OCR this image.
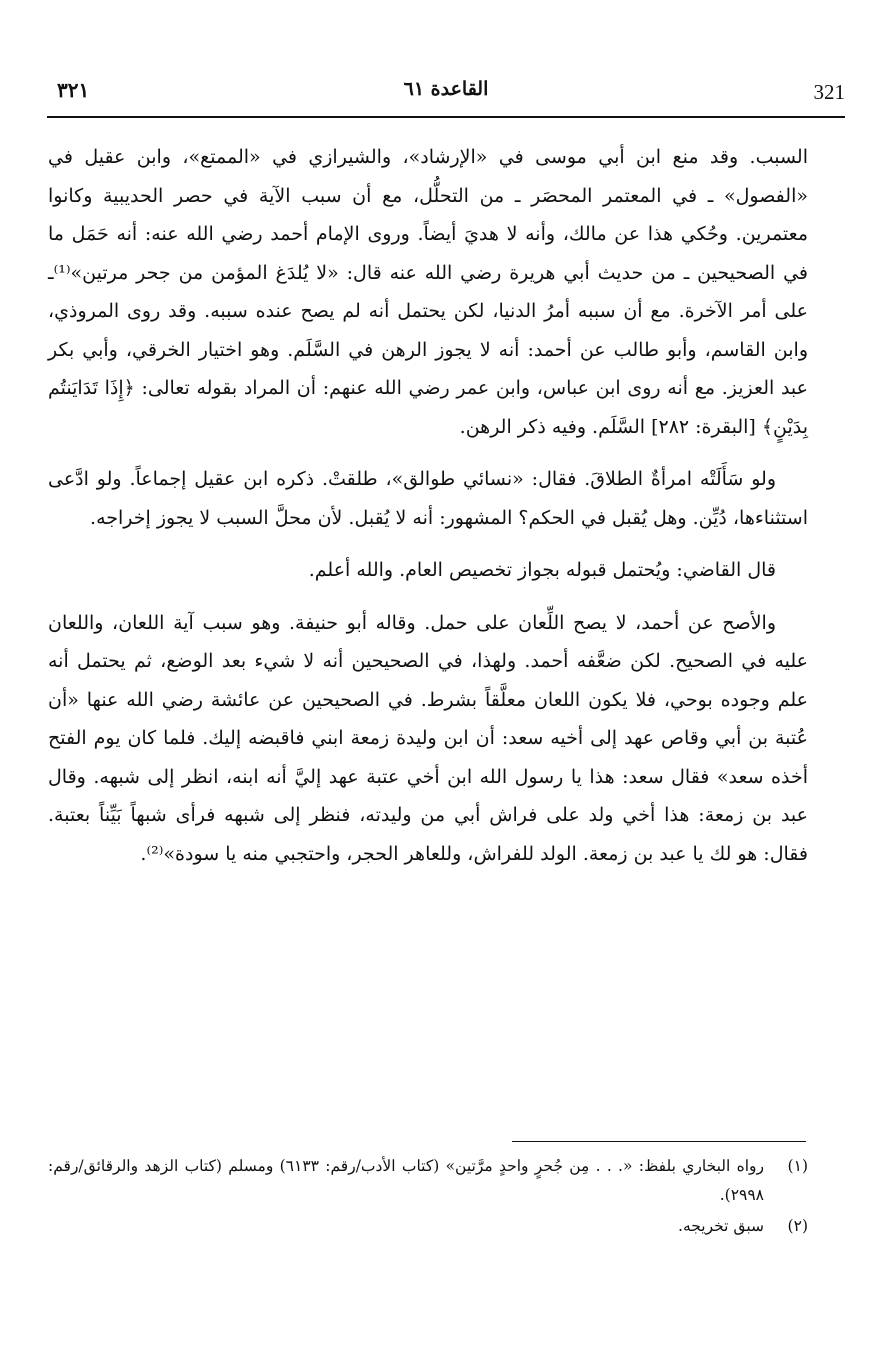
321
القاعدة ٦١
٣٢١

السبب. وقد منع ابن أبي موسى في «الإرشاد»، والشيرازي في «الممتع»، وابن عقيل في «الفصول» ـ في المعتمر المحصَر ـ من التحلُّل، مع أن سبب الآية في حصر الحديبية وكانوا معتمرين. وحُكي هذا عن مالك، وأنه لا هديَ أيضاً. وروى الإمام أحمد رضي الله عنه: أنه حَمَل ما في الصحيحين ـ من حديث أبي هريرة رضي الله عنه قال: «لا يُلدَغ المؤمن من جحر مرتين»⁽¹⁾ـ على أمر الآخرة. مع أن سببه أمرُ الدنيا، لكن يحتمل أنه لم يصح عنده سببه. وقد روى المروذي، وابن القاسم، وأبو طالب عن أحمد: أنه لا يجوز الرهن في السَّلَم. وهو اختيار الخرقي، وأبي بكر عبد العزيز. مع أنه روى ابن عباس، وابن عمر رضي الله عنهم: أن المراد بقوله تعالى: ﴿إِذَا تَدَايَنتُم بِدَيْنٍ﴾ [البقرة: ٢٨٢] السَّلَم. وفيه ذكر الرهن.

ولو سَأَلَتْه امرأةٌ الطلاقَ. فقال: «نسائي طوالق»، طلقتْ. ذكره ابن عقيل إجماعاً. ولو ادَّعى استثناءها، دُيِّن. وهل يُقبل في الحكم؟ المشهور: أنه لا يُقبل. لأن محلَّ السبب لا يجوز إخراجه.

قال القاضي: ويُحتمل قبوله بجواز تخصيص العام. والله أعلم.

والأصح عن أحمد، لا يصح اللِّعان على حمل. وقاله أبو حنيفة. وهو سبب آية اللعان، واللعان عليه في الصحيح. لكن ضعَّفه أحمد. ولهذا، في الصحيحين أنه لا شيء بعد الوضع، ثم يحتمل أنه علم وجوده بوحي، فلا يكون اللعان معلَّقاً بشرط. في الصحيحين عن عائشة رضي الله عنها «أن عُتبة بن أبي وقاص عهد إلى أخيه سعد: أن ابن وليدة زمعة ابني فاقبضه إليك. فلما كان يوم الفتح أخذه سعد» فقال سعد: هذا يا رسول الله ابن أخي عتبة عهد إليَّ أنه ابنه، انظر إلى شبهه. وقال عبد بن زمعة: هذا أخي ولد على فراش أبي من وليدته، فنظر إلى شبهه فرأى شبهاً بَيِّناً بعتبة. فقال: هو لك يا عبد بن زمعة. الولد للفراش، وللعاهر الحجر، واحتجبي منه يا سودة»⁽²⁾.

(١)
رواه البخاري بلفظ: «. . . مِن جُحرٍ واحدٍ مرَّتين» (كتاب الأدب/رقم: ٦١٣٣) ومسلم (كتاب الزهد والرقائق/رقم: ٢٩٩٨).
(٢)
سبق تخريجه.
